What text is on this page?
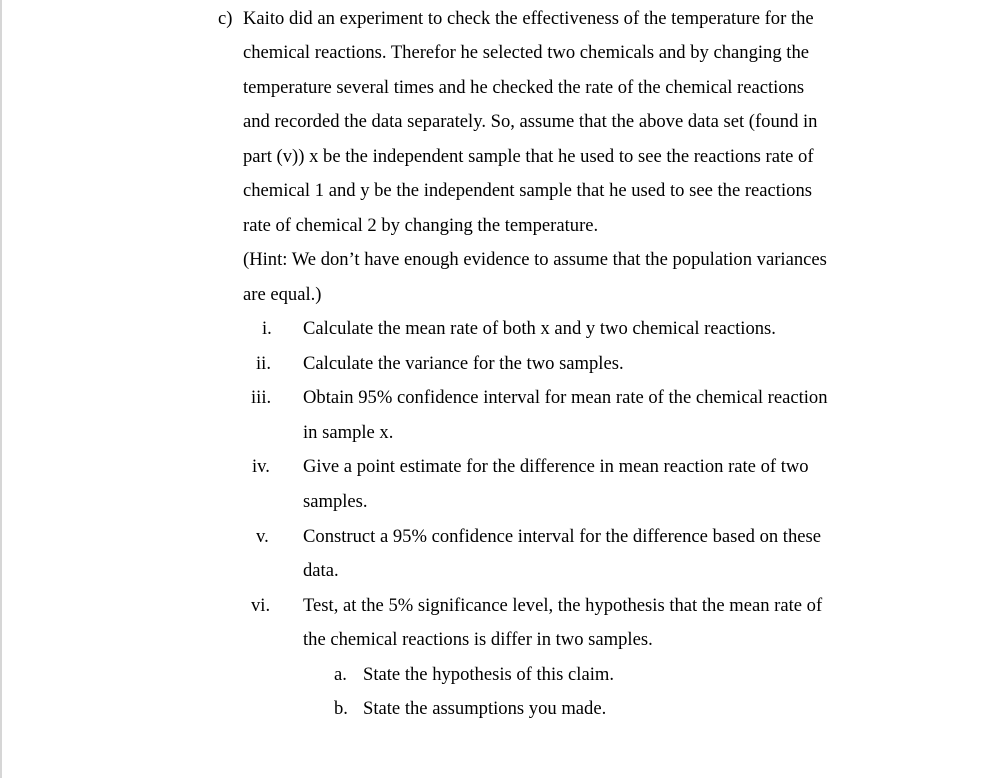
c) Kaito did an experiment to check the effectiveness of the temperature for the
chemical reactions. Therefor he selected two chemicals and by changing the
temperature several times and he checked the rate of the chemical reactions
and recorded the data separately. So, assume that the above data set (found in
part (v)) x be the independent sample that he used to see the reactions rate of
chemical 1 and y be the independent sample that he used to see the reactions
rate of chemical 2 by changing the temperature.
(Hint: We don’t have enough evidence to assume that the population variances
are equal.)
i. Calculate the mean rate of both x and y two chemical reactions.
ii. Calculate the variance for the two samples.
iii. Obtain 95% confidence interval for mean rate of the chemical reaction
in sample x.
iv. Give a point estimate for the difference in mean reaction rate of two
samples.
v. Construct a 95% confidence interval for the difference based on these
data.
vi. Test, at the 5% significance level, the hypothesis that the mean rate of
the chemical reactions is differ in two samples.
a. State the hypothesis of this claim.
b. State the assumptions you made.
